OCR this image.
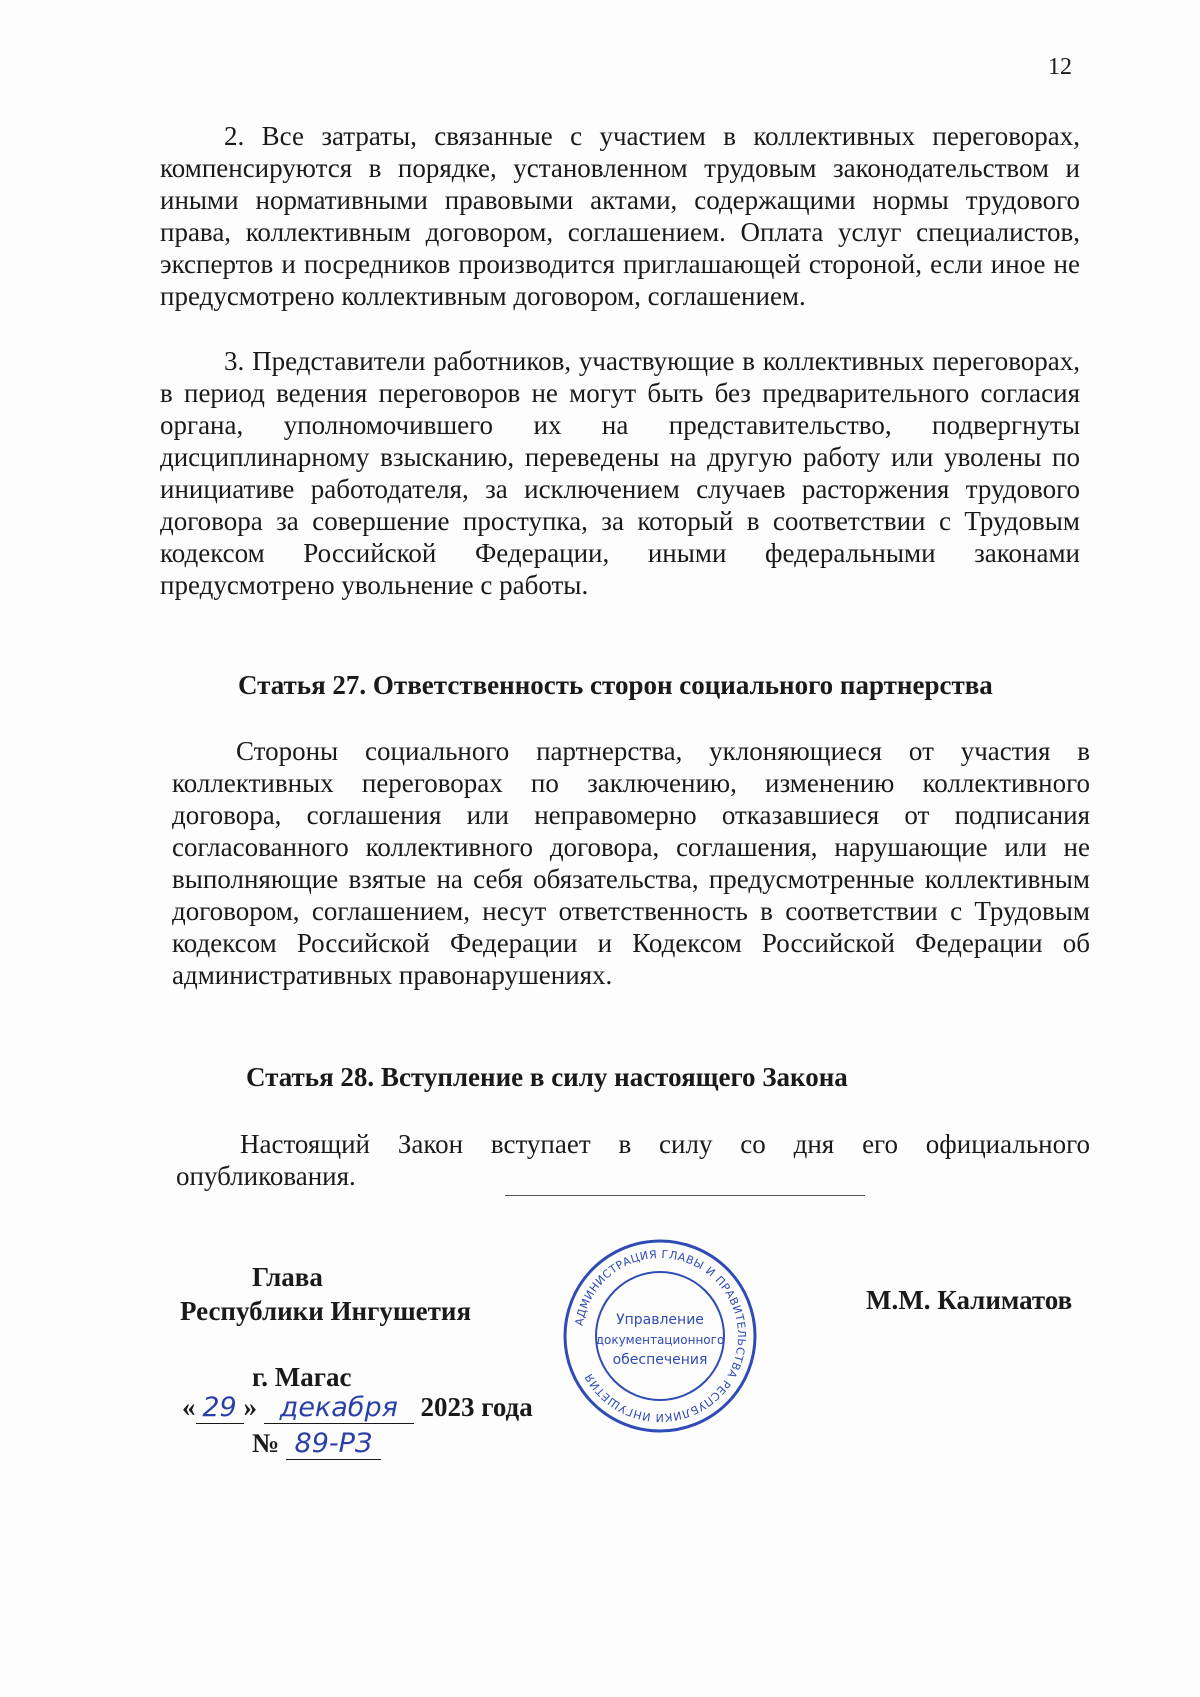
12

2. Все затраты, связанные с участием в коллективных переговорах, компенсируются в порядке, установленном трудовым законодательством и иными нормативными правовыми актами, содержащими нормы трудового права, коллективным договором, соглашением. Оплата услуг специалистов, экспертов и посредников производится приглашающей стороной, если иное не предусмотрено коллективным договором, соглашением.

3. Представители работников, участвующие в коллективных переговорах, в период ведения переговоров не могут быть без предварительного согласия органа, уполномочившего их на представительство, подвергнуты дисциплинарному взысканию, переведены на другую работу или уволены по инициативе работодателя, за исключением случаев расторжения трудового договора за совершение проступка, за который в соответствии с Трудовым кодексом Российской Федерации, иными федеральными законами предусмотрено увольнение с работы.

Статья 27. Ответственность сторон социального партнерства

Стороны социального партнерства, уклоняющиеся от участия в коллективных переговорах по заключению, изменению коллективного договора, соглашения или неправомерно отказавшиеся от подписания согласованного коллективного договора, соглашения, нарушающие или не выполняющие взятые на себя обязательства, предусмотренные коллективным договором, соглашением, несут ответственность в соответствии с Трудовым кодексом Российской Федерации и Кодексом Российской Федерации об административных правонарушениях.

Статья 28. Вступление в силу настоящего Закона

Настоящий Закон вступает в силу со дня его официального опубликования.

Глава
Республики Ингушетия	М.М. Калиматов
г. Магас
« 29 » декабря 2023 года
№ 89-РЗ
АДМИНИСТРАЦИЯ ГЛАВЫ И ПРАВИТЕЛЬСТВА РЕСПУБЛИКИ ИНГУШЕТИЯ
Управление
документационного
обеспечения
